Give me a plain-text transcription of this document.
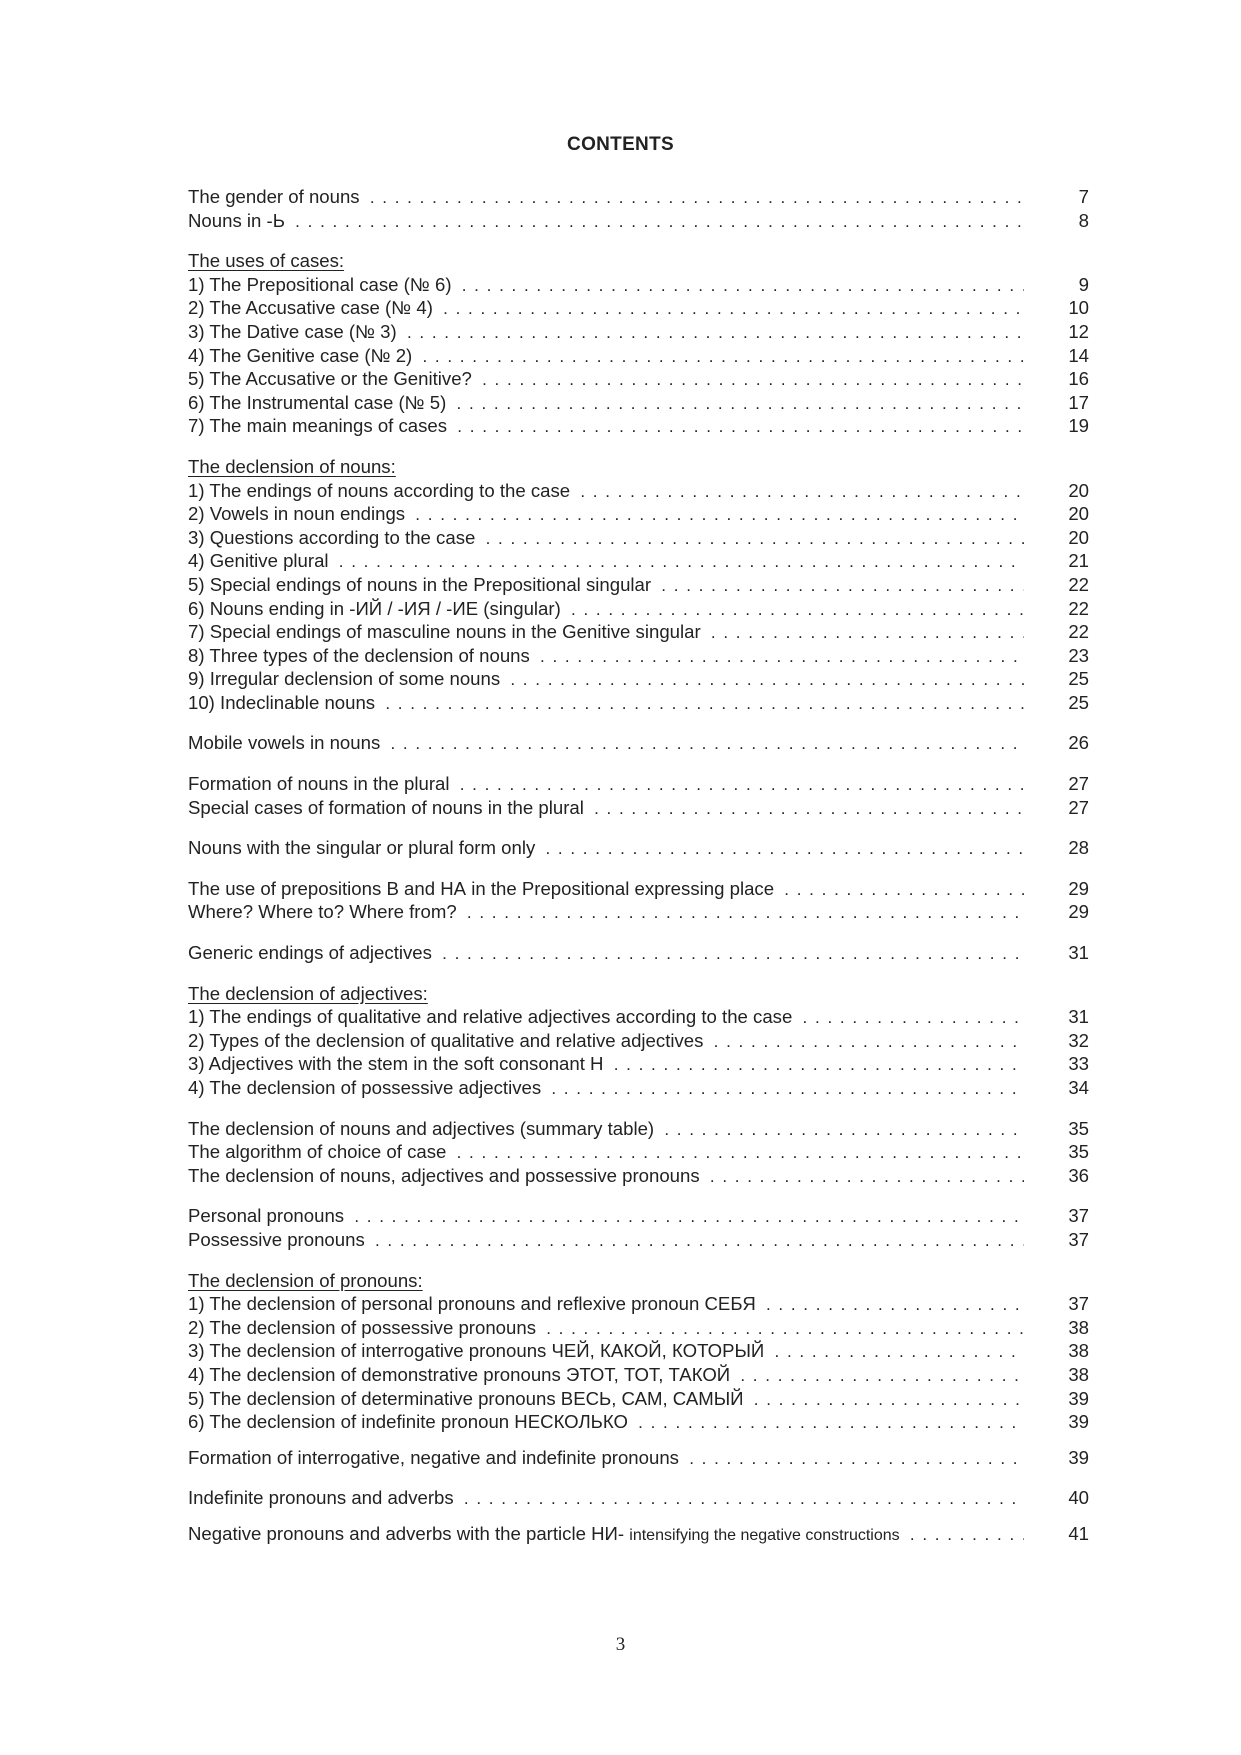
CONTENTS
The gender of nouns . . .	7
Nouns in -Ь . . .	8
The uses of cases:
1) The Prepositional case (№ 6) . . .	9
2) The Accusative case (№ 4) . . .	10
3) The Dative case (№ 3) . . .	12
4) The Genitive case (№ 2) . . .	14
5) The Accusative or the Genitive? . . .	16
6) The Instrumental case (№ 5) . . .	17
7) The main meanings of cases . . .	19
The declension of nouns:
1) The endings of nouns according to the case . . .	20
2) Vowels in noun endings . . .	20
3) Questions according to the case . . .	20
4) Genitive plural . . .	21
5) Special endings of nouns in the Prepositional singular . . .	22
6) Nouns ending in -ИЙ / -ИЯ / -ИЕ (singular) . . .	22
7) Special endings of masculine nouns in the Genitive singular . . .	22
8) Three types of the declension of nouns . . .	23
9) Irregular declension of some nouns . . .	25
10) Indeclinable nouns . . .	25
Mobile vowels in nouns . . .	26
Formation of nouns in the plural . . .	27
Special cases of formation of nouns in the plural . . .	27
Nouns with the singular or plural form only . . .	28
The use of prepositions В and НА in the Prepositional expressing place . . .	29
Where? Where to? Where from? . . .	29
Generic endings of adjectives . . .	31
The declension of adjectives:
1) The endings of qualitative and relative adjectives according to the case . . .	31
2) Types of the declension of qualitative and relative adjectives . . .	32
3) Adjectives with the stem in the soft consonant Н . . .	33
4) The declension of possessive adjectives . . .	34
The declension of nouns and adjectives (summary table) . . .	35
The algorithm of choice of case . . .	35
The declension of nouns, adjectives and possessive pronouns . . .	36
Personal pronouns . . .	37
Possessive pronouns . . .	37
The declension of pronouns:
1) The declension of personal pronouns and reflexive pronoun СЕБЯ . . .	37
2) The declension of possessive pronouns . . .	38
3) The declension of interrogative pronouns ЧЕЙ, КАКОЙ, КОТОРЫЙ . . .	38
4) The declension of demonstrative pronouns ЭТОТ, ТОТ, ТАКОЙ . . .	38
5) The declension of determinative pronouns ВЕСЬ, САМ, САМЫЙ . . .	39
6) The declension of indefinite pronoun НЕСКОЛЬКО . . .	39
Formation of interrogative, negative and indefinite pronouns . . .	39
Indefinite pronouns and adverbs . . .	40
Negative pronouns and adverbs with the particle НИ- intensifying the negative constructions . . .	41
3
